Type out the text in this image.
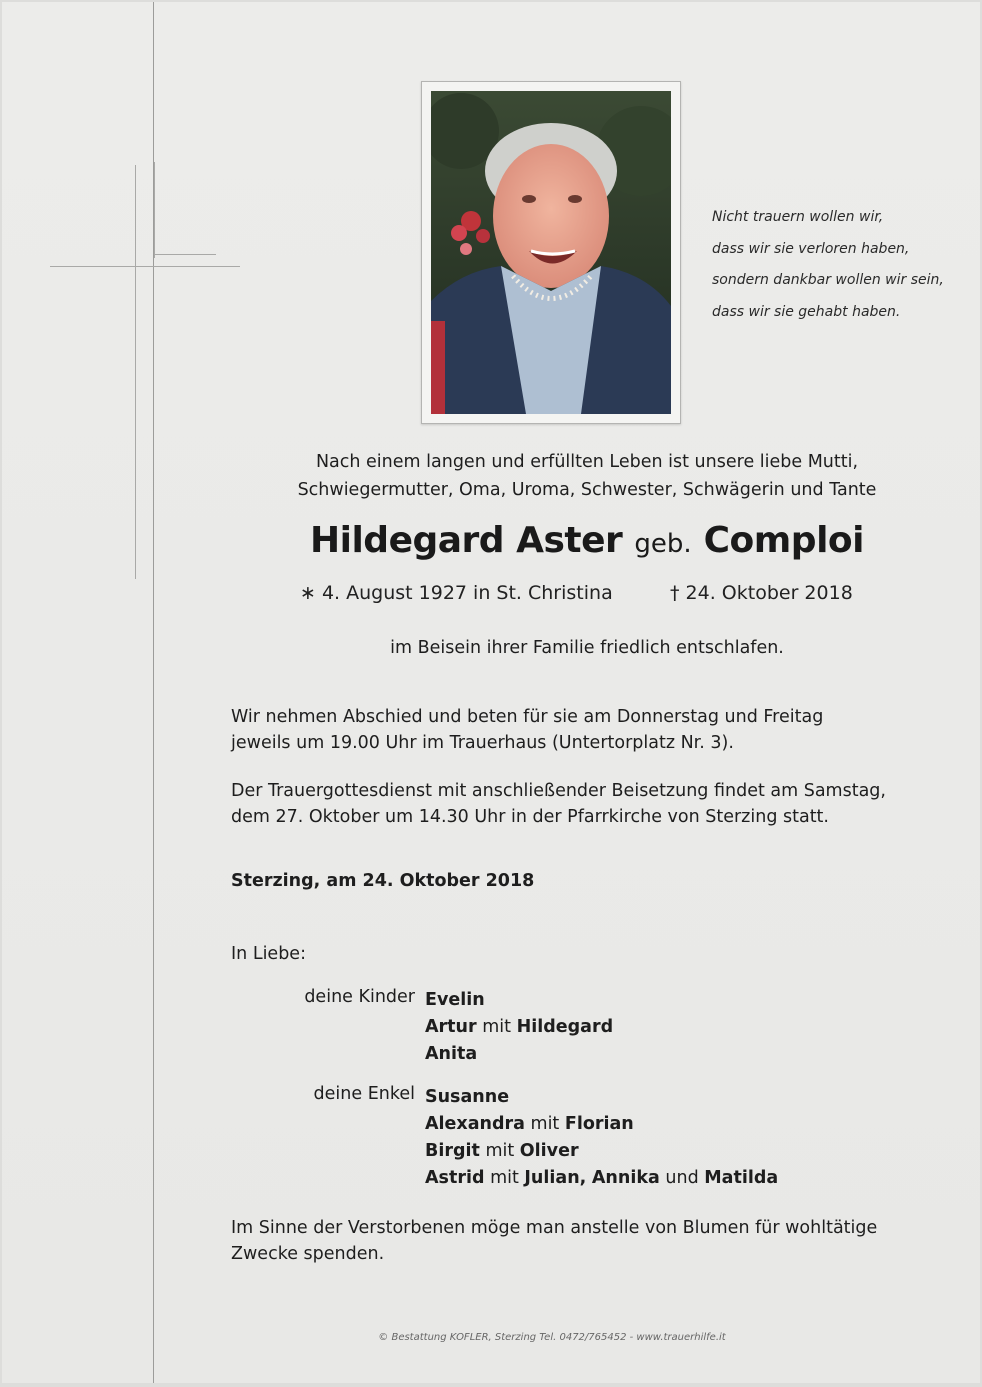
Nicht trauern wollen wir,
dass wir sie verloren haben,
sondern dankbar wollen wir sein,
dass wir sie gehabt haben.
Nach einem langen und erfüllten Leben ist unsere liebe Mutti,
Schwiegermutter, Oma, Uroma, Schwester, Schwägerin und Tante
Hildegard Aster geb. Comploi
∗ 4. August 1927 in St. Christina	† 24. Oktober 2018
im Beisein ihrer Familie friedlich entschlafen.
Wir nehmen Abschied und beten für sie am Donnerstag und Freitag
jeweils um 19.00 Uhr im Trauerhaus (Untertorplatz Nr. 3).
Der Trauergottesdienst mit anschließender Beisetzung findet am Samstag,
dem 27. Oktober um 14.30 Uhr in der Pfarrkirche von Sterzing statt.
Sterzing, am 24. Oktober 2018
In Liebe:
deine Kinder Evelin
Artur mit Hildegard
Anita
deine Enkel Susanne
Alexandra mit Florian
Birgit mit Oliver
Astrid mit Julian, Annika und Matilda
Im Sinne der Verstorbenen möge man anstelle von Blumen für wohltätige
Zwecke spenden.
© Bestattung KOFLER, Sterzing Tel. 0472/765452 - www.trauerhilfe.it
